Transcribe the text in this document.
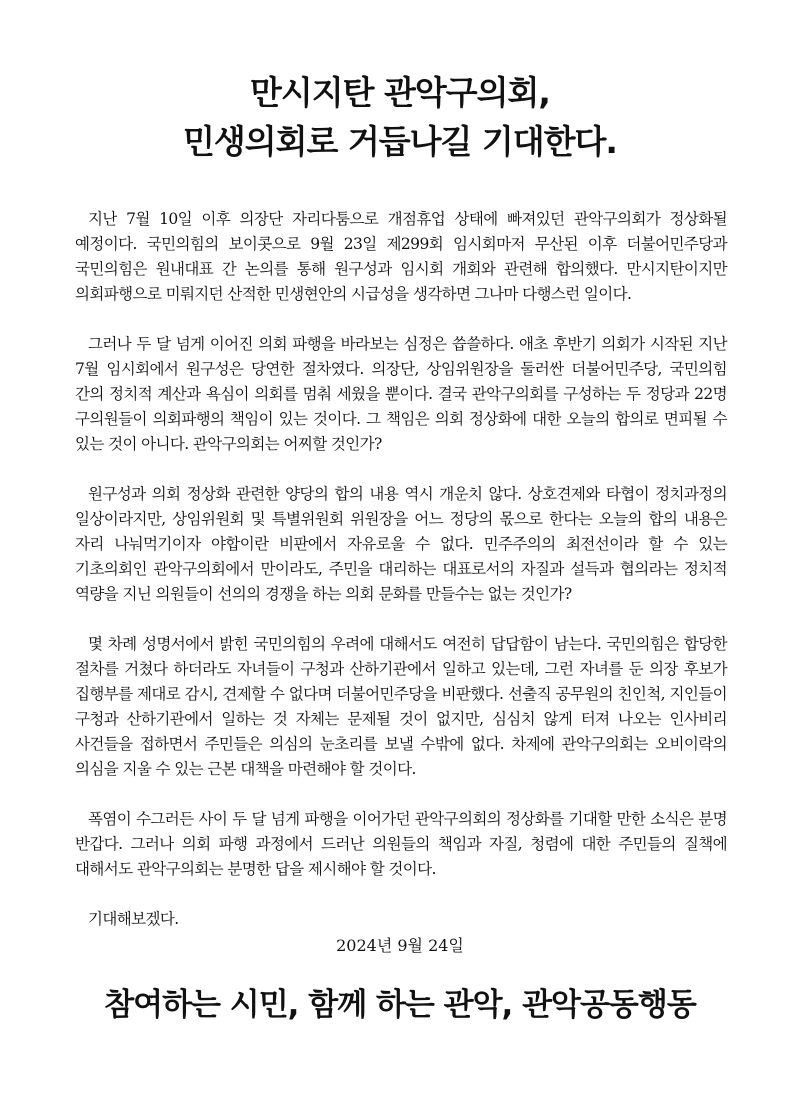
만시지탄 관악구의회,
민생의회로 거듭나길 기대한다.

지난 7월 10일 이후 의장단 자리다툼으로 개점휴업 상태에 빠져있던 관악구의회가 정상화될 예정이다. 국민의힘의 보이콧으로 9월 23일 제299회 임시회마저 무산된 이후 더불어민주당과 국민의힘은 원내대표 간 논의를 통해 원구성과 임시회 개회와 관련해 합의했다. 만시지탄이지만 의회파행으로 미뤄지던 산적한 민생현안의 시급성을 생각하면 그나마 다행스런 일이다.

그러나 두 달 넘게 이어진 의회 파행을 바라보는 심정은 씁쓸하다. 애초 후반기 의회가 시작된 지난 7월 임시회에서 원구성은 당연한 절차였다. 의장단, 상임위원장을 둘러싼 더불어민주당, 국민의힘 간의 정치적 계산과 욕심이 의회를 멈춰 세웠을 뿐이다. 결국 관악구의회를 구성하는 두 정당과 22명 구의원들이 의회파행의 책임이 있는 것이다. 그 책임은 의회 정상화에 대한 오늘의 합의로 면피될 수 있는 것이 아니다. 관악구의회는 어찌할 것인가?

원구성과 의회 정상화 관련한 양당의 합의 내용 역시 개운치 않다. 상호견제와 타협이 정치과정의 일상이라지만, 상임위원회 및 특별위원회 위원장을 어느 정당의 몫으로 한다는 오늘의 합의 내용은 자리 나눠먹기이자 야합이란 비판에서 자유로울 수 없다. 민주주의의 최전선이라 할 수 있는 기초의회인 관악구의회에서 만이라도, 주민을 대리하는 대표로서의 자질과 설득과 협의라는 정치적 역량을 지닌 의원들이 선의의 경쟁을 하는 의회 문화를 만들수는 없는 것인가?

몇 차례 성명서에서 밝힌 국민의힘의 우려에 대해서도 여전히 답답함이 남는다. 국민의힘은 합당한 절차를 거쳤다 하더라도 자녀들이 구청과 산하기관에서 일하고 있는데, 그런 자녀를 둔 의장 후보가 집행부를 제대로 감시, 견제할 수 없다며 더불어민주당을 비판했다. 선출직 공무원의 친인척, 지인들이 구청과 산하기관에서 일하는 것 자체는 문제될 것이 없지만, 심심치 않게 터져 나오는 인사비리 사건들을 접하면서 주민들은 의심의 눈초리를 보낼 수밖에 없다. 차제에 관악구의회는 오비이락의 의심을 지울 수 있는 근본 대책을 마련해야 할 것이다.

폭염이 수그러든 사이 두 달 넘게 파행을 이어가던 관악구의회의 정상화를 기대할 만한 소식은 분명 반갑다. 그러나 의회 파행 과정에서 드러난 의원들의 책임과 자질, 청렴에 대한 주민들의 질책에 대해서도 관악구의회는 분명한 답을 제시해야 할 것이다.

기대해보겠다.

2024년 9월 24일
참여하는 시민, 함께 하는 관악, 관악공동행동
